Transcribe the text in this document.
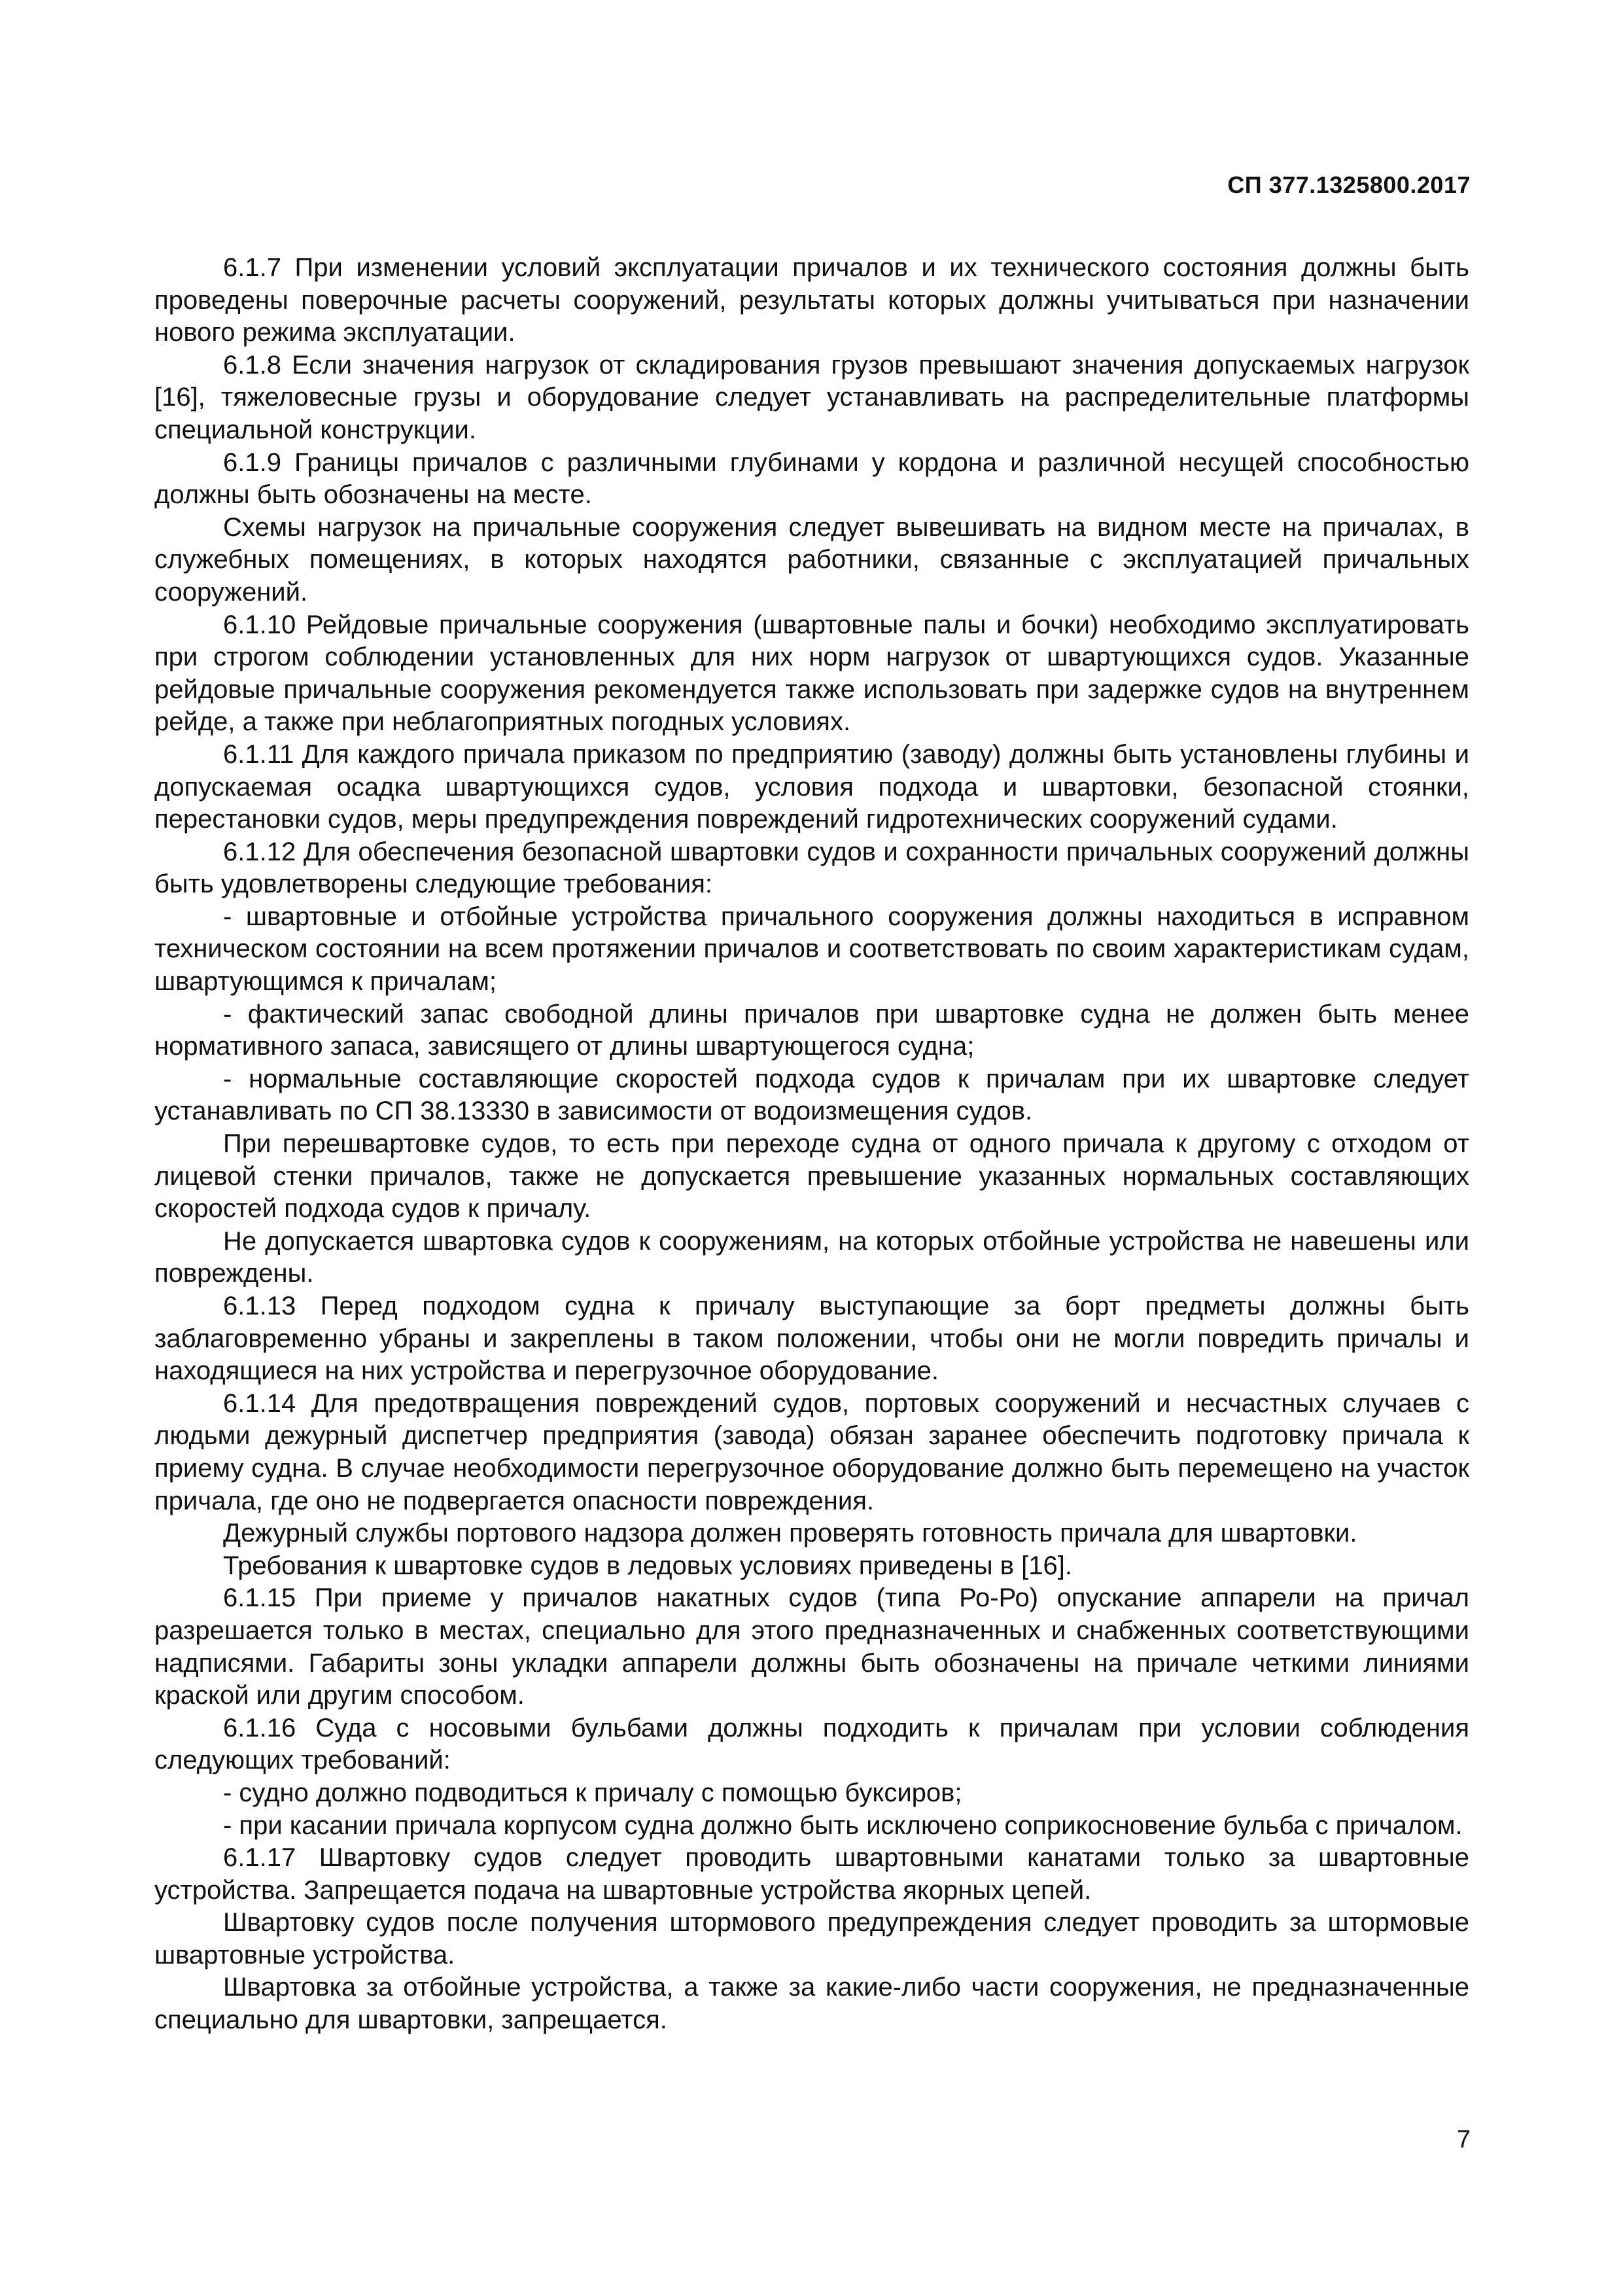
СП 377.1325800.2017

6.1.7 При изменении условий эксплуатации причалов и их технического состояния должны быть проведены поверочные расчеты сооружений, результаты которых должны учитываться при назначении нового режима эксплуатации.

6.1.8 Если значения нагрузок от складирования грузов превышают значения допускаемых нагрузок [16], тяжеловесные грузы и оборудование следует устанавливать на распределительные платформы специальной конструкции.

6.1.9 Границы причалов с различными глубинами у кордона и различной несущей способностью должны быть обозначены на месте.

Схемы нагрузок на причальные сооружения следует вывешивать на видном месте на причалах, в служебных помещениях, в которых находятся работники, связанные с эксплуатацией причальных сооружений.

6.1.10 Рейдовые причальные сооружения (швартовные палы и бочки) необходимо эксплуатировать при строгом соблюдении установленных для них норм нагрузок от швартующихся судов. Указанные рейдовые причальные сооружения рекомендуется также использовать при задержке судов на внутреннем рейде, а также при неблагоприятных погодных условиях.

6.1.11 Для каждого причала приказом по предприятию (заводу) должны быть установлены глубины и допускаемая осадка швартующихся судов, условия подхода и швартовки, безопасной стоянки, перестановки судов, меры предупреждения повреждений гидротехнических сооружений судами.

6.1.12 Для обеспечения безопасной швартовки судов и сохранности причальных сооружений должны быть удовлетворены следующие требования:

- швартовные и отбойные устройства причального сооружения должны находиться в исправном техническом состоянии на всем протяжении причалов и соответствовать по своим характеристикам судам, швартующимся к причалам;

- фактический запас свободной длины причалов при швартовке судна не должен быть менее нормативного запаса, зависящего от длины швартующегося судна;

- нормальные составляющие скоростей подхода судов к причалам при их швартовке следует устанавливать по СП 38.13330 в зависимости от водоизмещения судов.

При перешвартовке судов, то есть при переходе судна от одного причала к другому с отходом от лицевой стенки причалов, также не допускается превышение указанных нормальных составляющих скоростей подхода судов к причалу.

Не допускается швартовка судов к сооружениям, на которых отбойные устройства не навешены или повреждены.

6.1.13 Перед подходом судна к причалу выступающие за борт предметы должны быть заблаговременно убраны и закреплены в таком положении, чтобы они не могли повредить причалы и находящиеся на них устройства и перегрузочное оборудование.

6.1.14 Для предотвращения повреждений судов, портовых сооружений и несчастных случаев с людьми дежурный диспетчер предприятия (завода) обязан заранее обеспечить подготовку причала к приему судна. В случае необходимости перегрузочное оборудование должно быть перемещено на участок причала, где оно не подвергается опасности повреждения.

Дежурный службы портового надзора должен проверять готовность причала для швартовки.

Требования к швартовке судов в ледовых условиях приведены в [16].

6.1.15 При приеме у причалов накатных судов (типа Ро-Ро) опускание аппарели на причал разрешается только в местах, специально для этого предназначенных и снабженных соответствующими надписями. Габариты зоны укладки аппарели должны быть обозначены на причале четкими линиями краской или другим способом.

6.1.16 Суда с носовыми бульбами должны подходить к причалам при условии соблюдения следующих требований:

- судно должно подводиться к причалу с помощью буксиров;

- при касании причала корпусом судна должно быть исключено соприкосновение бульба с причалом.

6.1.17 Швартовку судов следует проводить швартовными канатами только за швартовные устройства. Запрещается подача на швартовные устройства якорных цепей.

Швартовку судов после получения штормового предупреждения следует проводить за штормовые швартовные устройства.

Швартовка за отбойные устройства, а также за какие-либо части сооружения, не предназначенные специально для швартовки, запрещается.

7
